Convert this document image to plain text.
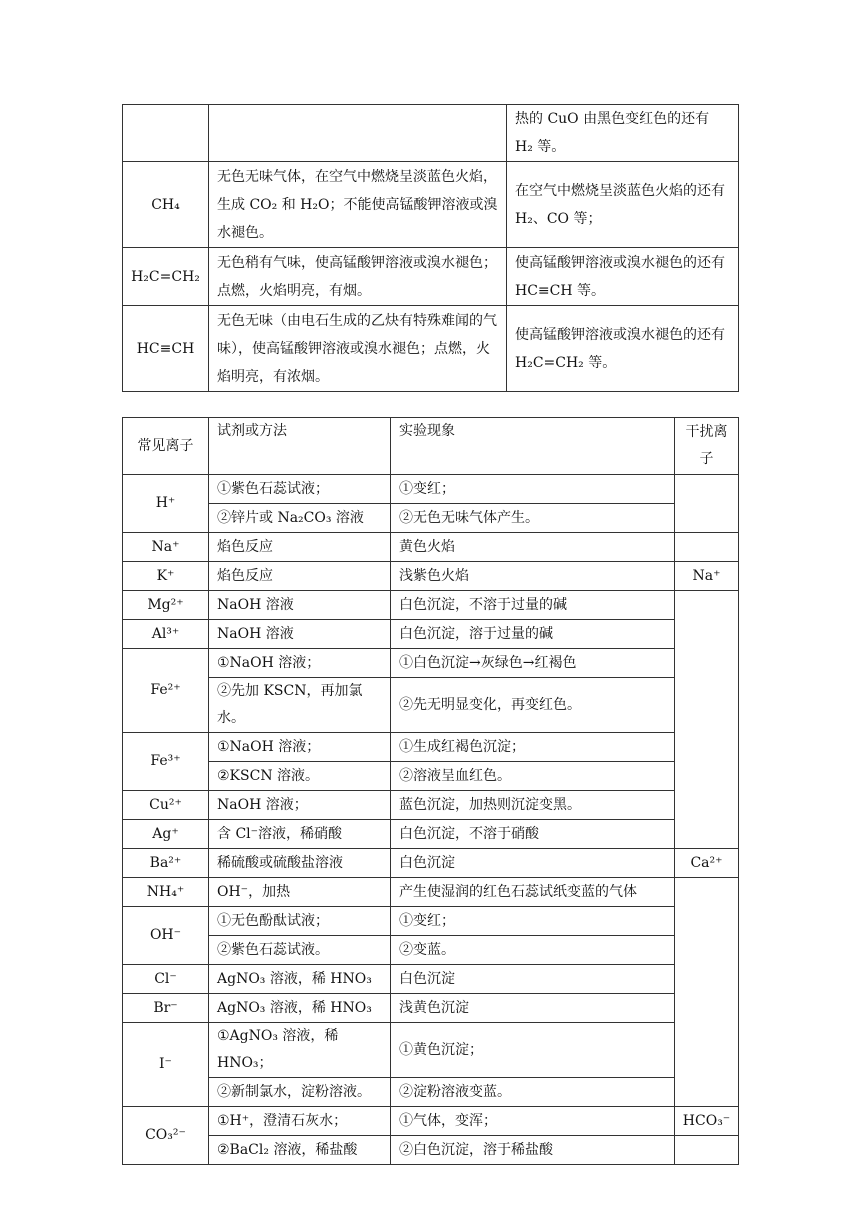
		热的 CuO 由黑色变红色的还有 H₂ 等。
CH₄	无色无味气体，在空气中燃烧呈淡蓝色火焰，生成 CO₂ 和 H₂O；不能使高锰酸钾溶液或溴水褪色。	在空气中燃烧呈淡蓝色火焰的还有 H₂、CO 等；
H₂C=CH₂	无色稍有气味，使高锰酸钾溶液或溴水褪色；点燃，火焰明亮，有烟。	使高锰酸钾溶液或溴水褪色的还有 HC≡CH 等。
HC≡CH	无色无味（由电石生成的乙炔有特殊难闻的气味），使高锰酸钾溶液或溴水褪色；点燃，火焰明亮，有浓烟。	使高锰酸钾溶液或溴水褪色的还有 H₂C=CH₂ 等。
常见离子	试剂或方法	实验现象	干扰离子
H⁺	①紫色石蕊试液；	①变红；	
	②锌片或 Na₂CO₃ 溶液	②无色无味气体产生。	
Na⁺	焰色反应	黄色火焰	
K⁺	焰色反应	浅紫色火焰	Na⁺
Mg²⁺	NaOH 溶液	白色沉淀，不溶于过量的碱	
Al³⁺	NaOH 溶液	白色沉淀，溶于过量的碱	
Fe²⁺	①NaOH 溶液；	①白色沉淀→灰绿色→红褐色	
	②先加 KSCN，再加氯水。	②先无明显变化，再变红色。	
Fe³⁺	①NaOH 溶液；	①生成红褐色沉淀；	
	②KSCN 溶液。	②溶液呈血红色。	
Cu²⁺	NaOH 溶液；	蓝色沉淀，加热则沉淀变黑。	
Ag⁺	含 Cl⁻溶液，稀硝酸	白色沉淀，不溶于硝酸	
Ba²⁺	稀硫酸或硫酸盐溶液	白色沉淀	Ca²⁺
NH₄⁺	OH⁻，加热	产生使湿润的红色石蕊试纸变蓝的气体	
OH⁻	①无色酚酞试液；	①变红；	
	②紫色石蕊试液。	②变蓝。	
Cl⁻	AgNO₃ 溶液，稀 HNO₃	白色沉淀	
Br⁻	AgNO₃ 溶液，稀 HNO₃	浅黄色沉淀	
I⁻	①AgNO₃ 溶液，稀 HNO₃；	①黄色沉淀；	
	②新制氯水，淀粉溶液。	②淀粉溶液变蓝。	
CO₃²⁻	①H⁺，澄清石灰水；	①气体，变浑；	HCO₃⁻
	②BaCl₂ 溶液，稀盐酸	②白色沉淀，溶于稀盐酸	
